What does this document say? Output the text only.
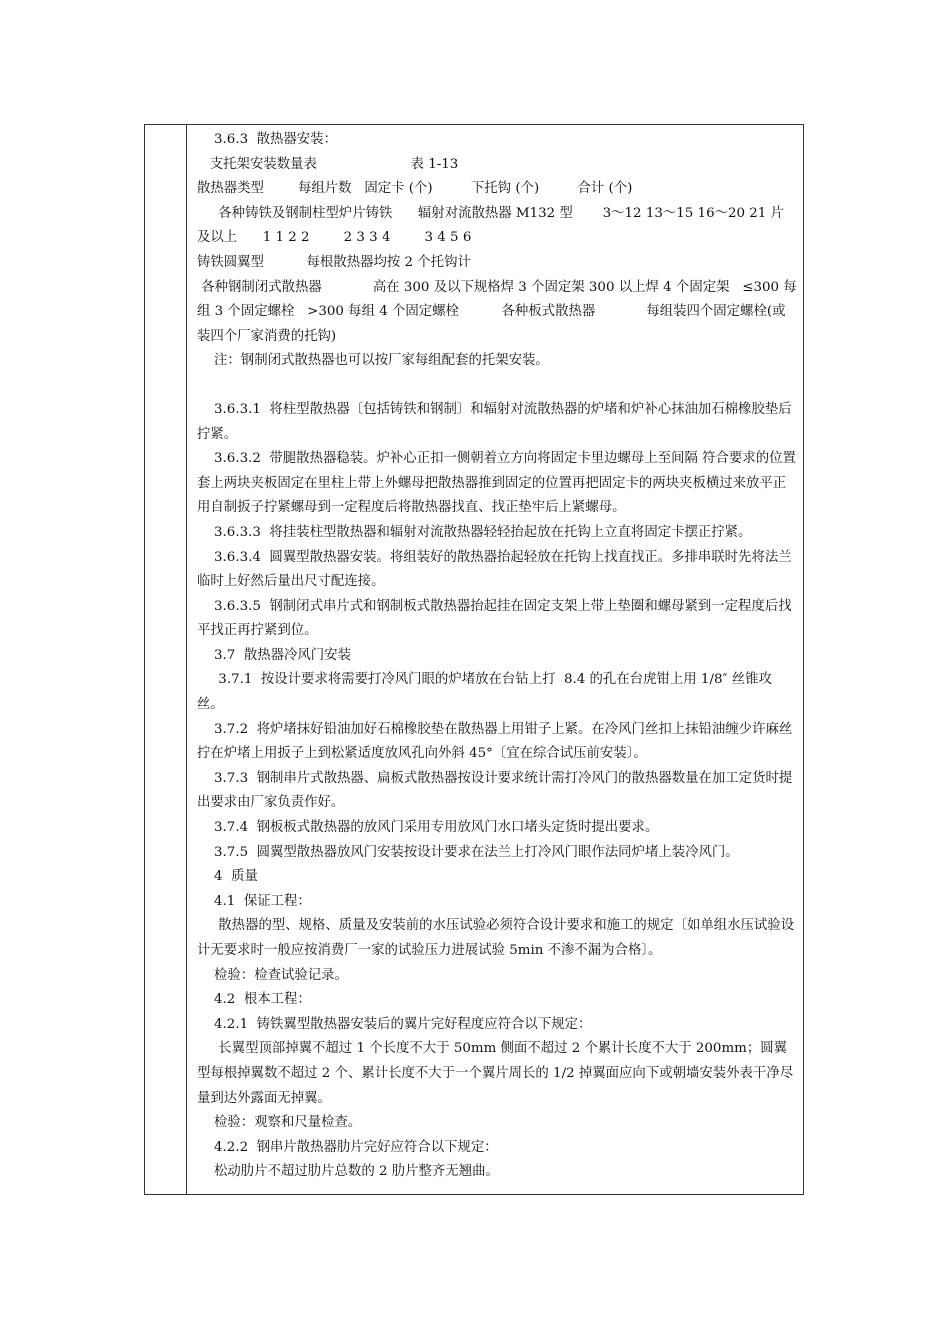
3.6.3  散热器安装：

支托架安装数量表                      表 1-13

散热器类型        每组片数   固定卡 (个)         下托钩 (个)         合计 (个)

各种铸铁及钢制柱型炉片铸铁      辐射对流散热器 M132 型       3～12 13～15 16～20 21 片及以上      1 1 2 2        2 3 3 4        3 4 5 6

铸铁圆翼型          每根散热器均按 2 个托钩计

各种钢制闭式散热器            高在 300 及以下规格焊 3 个固定架 300 以上焊 4 个固定架   ≤300 每组 3 个固定螺栓   >300 每组 4 个固定螺栓          各种板式散热器            每组装四个固定螺栓(或装四个厂家消费的托钩)

注：钢制闭式散热器也可以按厂家每组配套的托架安装。

3.6.3.1  将柱型散热器〔包括铸铁和钢制〕和辐射对流散热器的炉堵和炉补心抹油加石棉橡胶垫后拧紧。

3.6.3.2  带腿散热器稳装。炉补心正扣一侧朝着立方向将固定卡里边螺母上至间隔 符合要求的位置套上两块夹板固定在里柱上带上外螺母把散热器推到固定的位置再把固定卡的两块夹板横过来放平正用自制扳子拧紧螺母到一定程度后将散热器找直、找正垫牢后上紧螺母。

3.6.3.3  将挂装柱型散热器和辐射对流散热器轻轻抬起放在托钩上立直将固定卡摆正拧紧。

3.6.3.4  圆翼型散热器安装。将组装好的散热器抬起轻放在托钩上找直找正。多排串联时先将法兰临时上好然后量出尺寸配连接。

3.6.3.5  钢制闭式串片式和钢制板式散热器抬起挂在固定支架上带上垫圈和螺母紧到一定程度后找平找正再拧紧到位。

3.7  散热器冷风门安装

3.7.1  按设计要求将需要打冷风门眼的炉堵放在台钻上打  8.4 的孔在台虎钳上用 1/8″ 丝锥攻丝。

3.7.2  将炉堵抹好铅油加好石棉橡胶垫在散热器上用钳子上紧。在冷风门丝扣上抹铅油缠少许麻丝拧在炉堵上用扳子上到松紧适度放风孔向外斜 45°〔宜在综合试压前安装〕。

3.7.3  钢制串片式散热器、扁板式散热器按设计要求统计需打冷风门的散热器数量在加工定货时提出要求由厂家负责作好。

3.7.4  钢板板式散热器的放风门采用专用放风门水口堵头定货时提出要求。

3.7.5  圆翼型散热器放风门安装按设计要求在法兰上打冷风门眼作法同炉堵上装冷风门。

4  质量

4.1  保证工程：

散热器的型、规格、质量及安装前的水压试验必须符合设计要求和施工的规定〔如单组水压试验设计无要求时一般应按消费厂一家的试验压力进展试验 5min 不渗不漏为合格〕。

检验：检查试验记录。

4.2  根本工程：

4.2.1  铸铁翼型散热器安装后的翼片完好程度应符合以下规定：

长翼型顶部掉翼不超过 1 个长度不大于 50mm 侧面不超过 2 个累计长度不大于 200mm；圆翼型每根掉翼数不超过 2 个、累计长度不大于一个翼片周长的 1/2 掉翼面应向下或朝墙安装外表干净尽量到达外露面无掉翼。

检验：观察和尺量检查。

4.2.2  钢串片散热器肋片完好应符合以下规定：

松动肋片不超过肋片总数的 2 肋片整齐无翘曲。
